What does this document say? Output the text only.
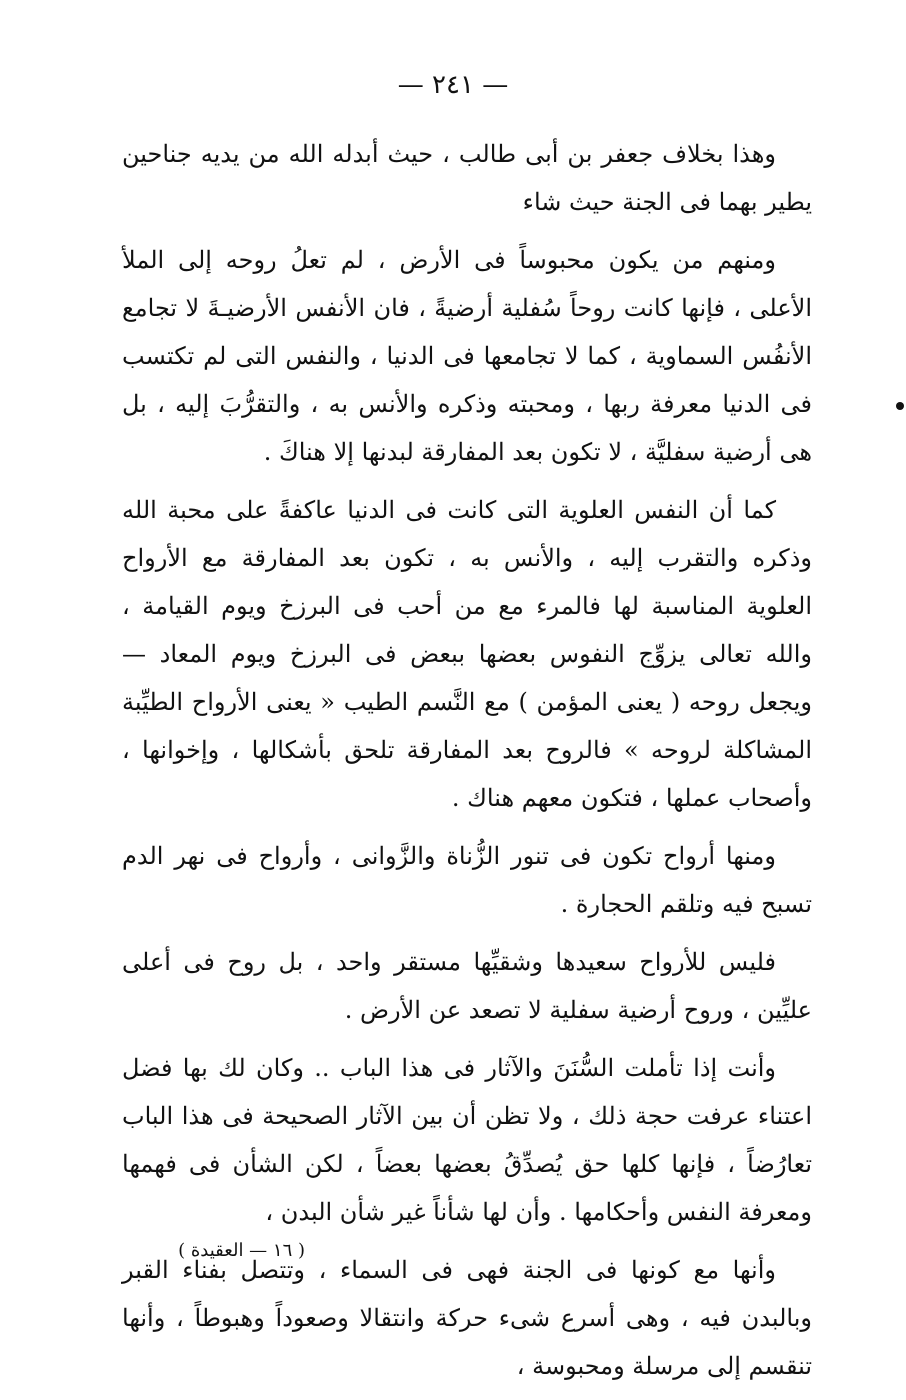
— ٢٤١ —

وهذا بخلاف جعفر بن أبى طالب ، حيث أبدله الله من يديه جناحين يطير بهما فى الجنة حيث شاء

ومنهم من يكون محبوساً فى الأرض ، لم تعلُ روحه إلى الملأ الأعلى ، فإنها كانت روحاً سُفلية أرضيةً ، فان الأنفس الأرضيـةَ لا تجامع الأنفُس السماوية ، كما لا تجامعها فى الدنيا ، والنفس التى لم تكتسب فى الدنيا معرفة ربها ، ومحبته وذكره والأنس به ، والتقرُّبَ إليه ، بل هى أرضية سفليَّة ، لا تكون بعد المفارقة لبدنها إلا هناكَ .

كما أن النفس العلوية التى كانت فى الدنيا عاكفةً على محبة الله وذكره والتقرب إليه ، والأنس به ، تكون بعد المفارقة مع الأرواح العلوية المناسبة لها فالمرء مع من أحب فى البرزخ ويوم القيامة ، والله تعالى يزوِّج النفوس بعضها ببعض فى البرزخ ويوم المعاد — ويجعل روحه ( يعنى المؤمن ) مع النَّسم الطيب « يعنى الأرواح الطيِّبة المشاكلة لروحه » فالروح بعد المفارقة تلحق بأشكالها ، وإخوانها ، وأصحاب عملها ، فتكون معهم هناك .

ومنها أرواح تكون فى تنور الزُّناة والزَّوانى ، وأرواح فى نهر الدم تسبح فيه وتلقم الحجارة .

فليس للأرواح سعيدها وشقيِّها مستقر واحد ، بل روح فى أعلى عليِّين ، وروح أرضية سفلية لا تصعد عن الأرض .

وأنت إذا تأملت السُّنَنَ والآثار فى هذا الباب .. وكان لك بها فضل اعتناء عرفت حجة ذلك ، ولا تظن أن بين الآثار الصحيحة فى هذا الباب تعارُضاً ، فإنها كلها حق يُصدِّقُ بعضها بعضاً ، لكن الشأن فى فهمها ومعرفة النفس وأحكامها . وأن لها شأناً غير شأن البدن ،

وأنها مع كونها فى الجنة فهى فى السماء ، وتتصل بفناء القبر وبالبدن فيه ، وهى أسرع شىء حركة وانتقالا وصعوداً وهبوطاً ، وأنها تنقسم إلى مرسلة ومحبوسة ،

( ١٦ — العقيدة )
